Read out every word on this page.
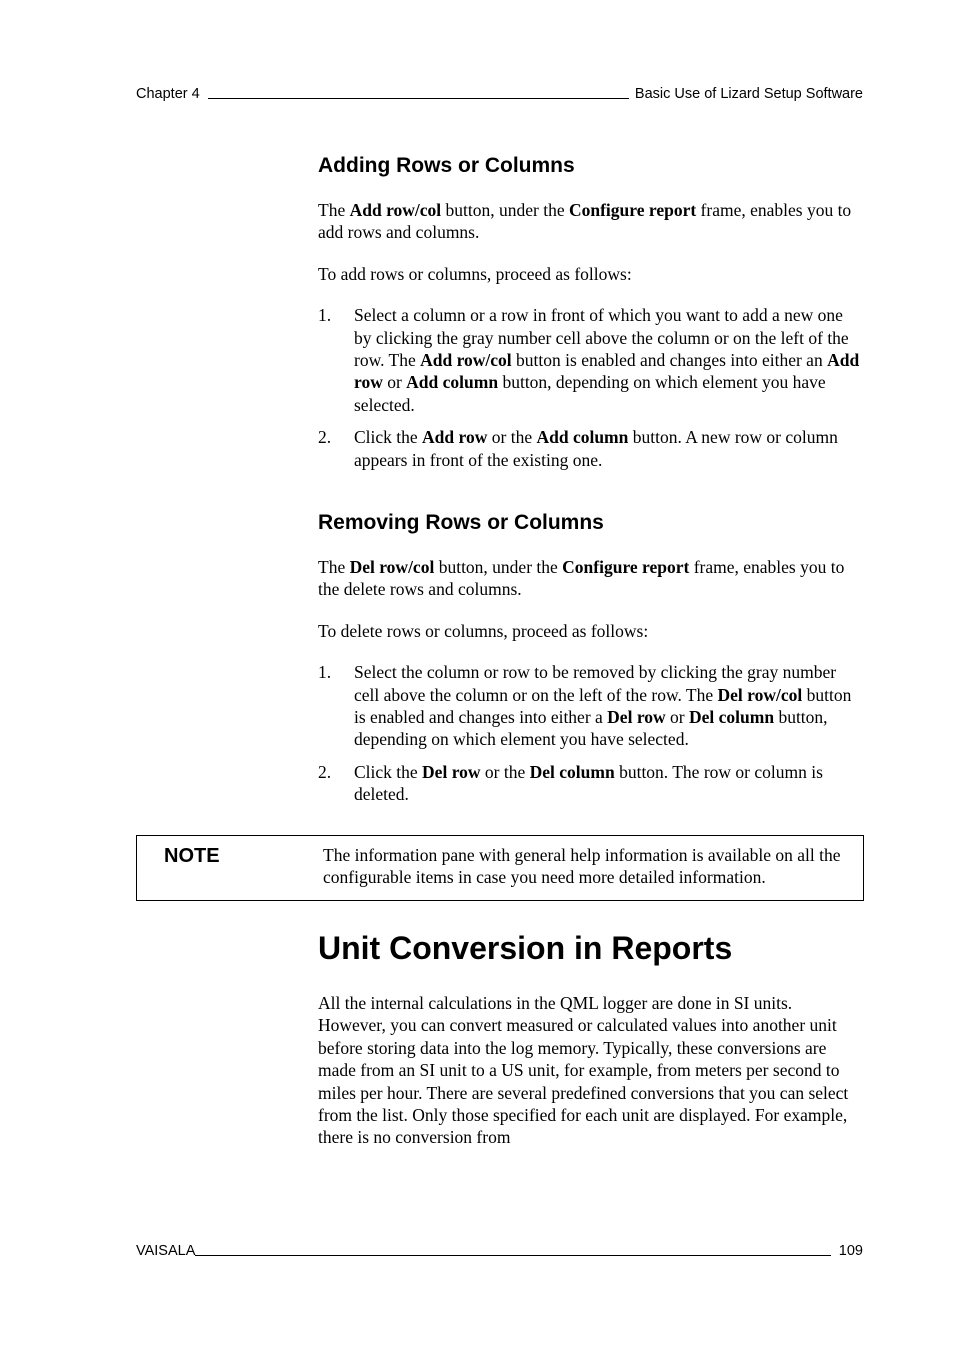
Chapter 4	Basic Use of Lizard Setup Software
Adding Rows or Columns

The Add row/col button, under the Configure report frame, enables you to add rows and columns.

To add rows or columns, proceed as follows:

1. Select a column or a row in front of which you want to add a new one by clicking the gray number cell above the column or on the left of the row. The Add row/col button is enabled and changes into either an Add row or Add column button, depending on which element you have selected.
2. Click the Add row or the Add column button. A new row or column appears in front of the existing one.
Removing Rows or Columns

The Del row/col button, under the Configure report frame, enables you to the delete rows and columns.

To delete rows or columns, proceed as follows:

1. Select the column or row to be removed by clicking the gray number cell above the column or on the left of the row. The Del row/col button is enabled and changes into either a Del row or Del column button, depending on which element you have selected.
2. Click the Del row or the Del column button. The row or column is deleted.
NOTE	The information pane with general help information is available on all the configurable items in case you need more detailed information.
Unit Conversion in Reports

All the internal calculations in the QML logger are done in SI units. However, you can convert measured or calculated values into another unit before storing data into the log memory. Typically, these conversions are made from an SI unit to a US unit, for example, from meters per second to miles per hour. There are several predefined conversions that you can select from the list. Only those specified for each unit are displayed. For example, there is no conversion from

VAISALA	109
